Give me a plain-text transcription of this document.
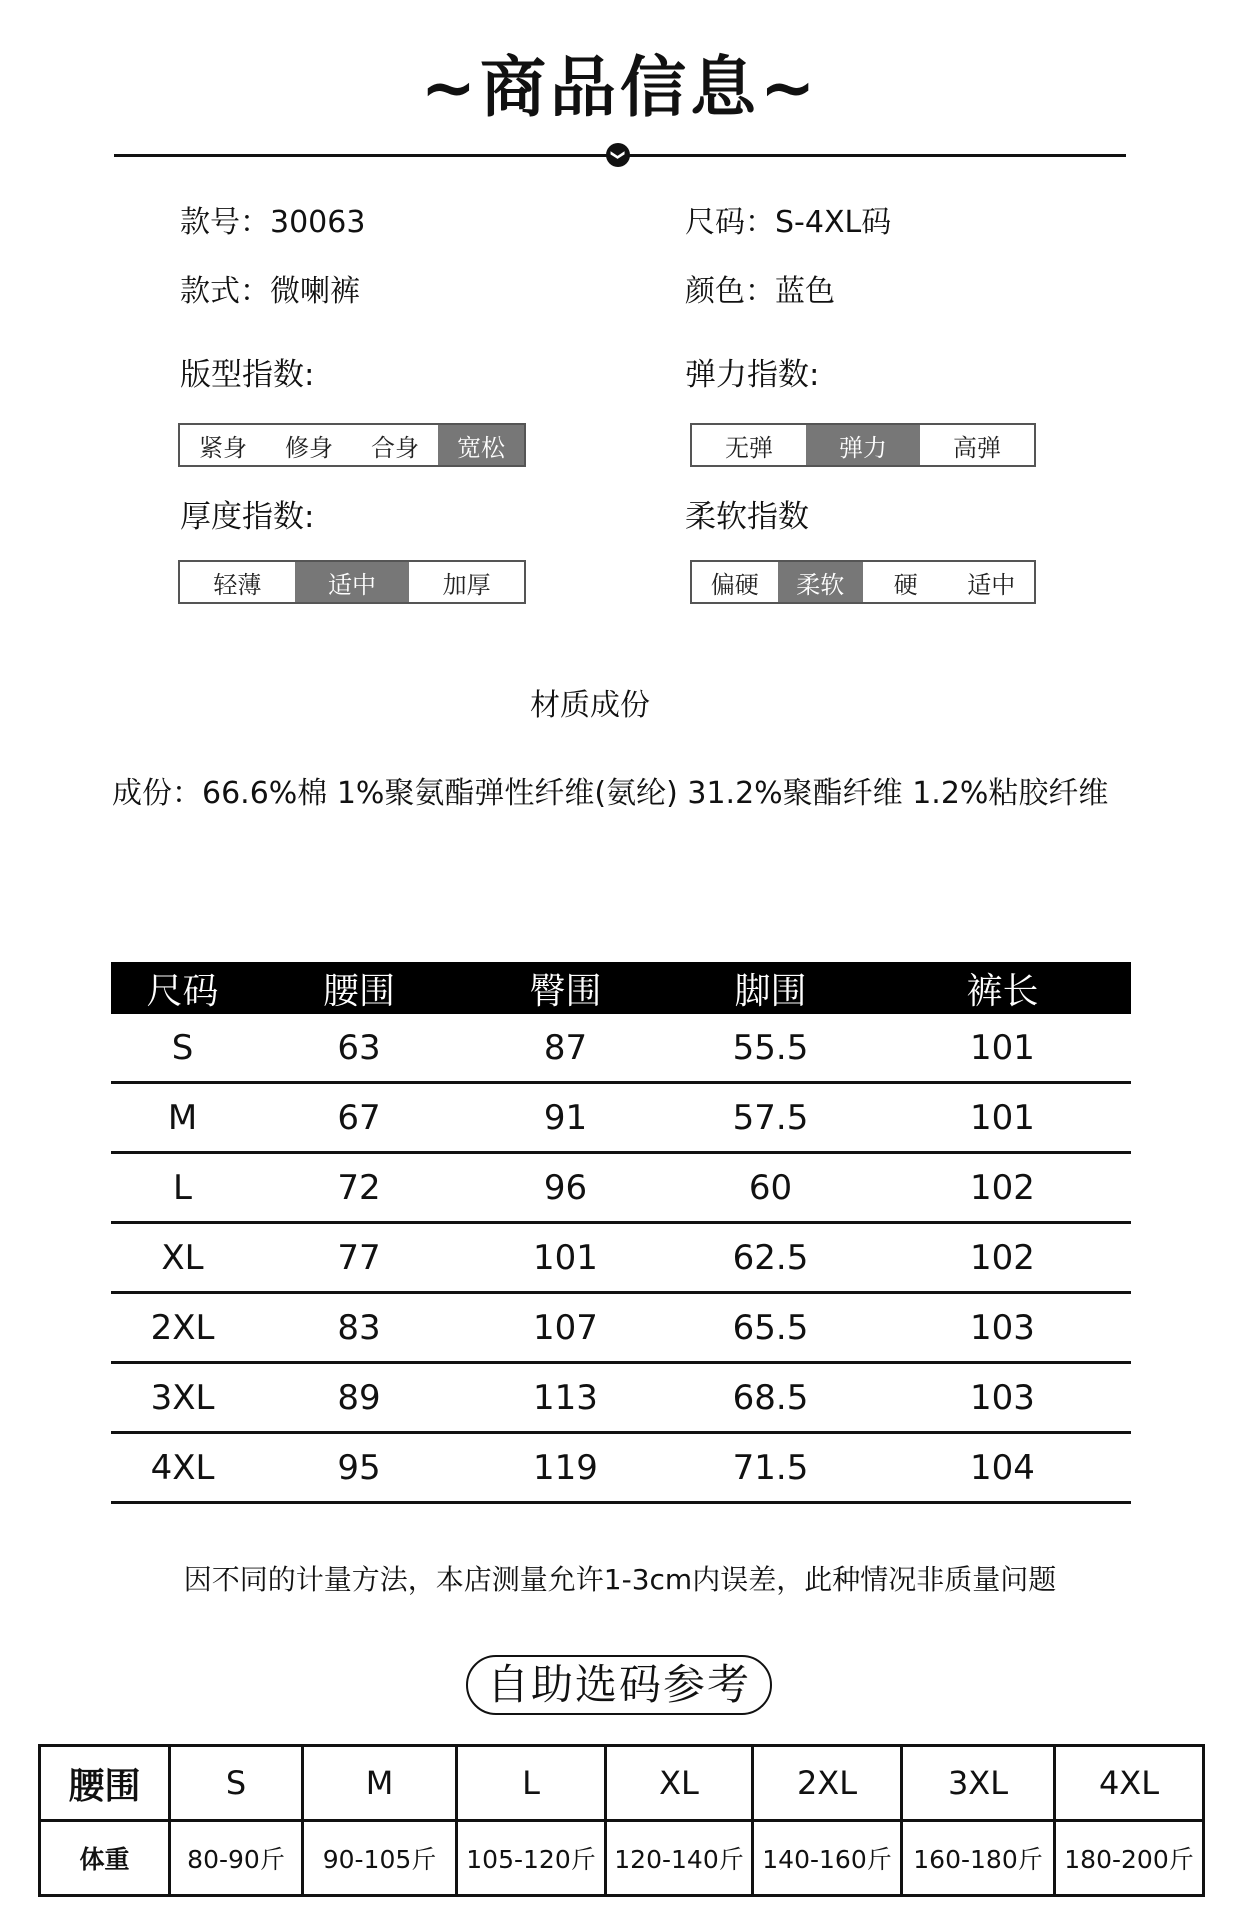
~商品信息~
❯
款号：30063	尺码：S-4XL码
款式：微喇裤	颜色：蓝色
版型指数:
紧身	修身	合身	宽松
弹力指数:
无弹	弹力	高弹
厚度指数:
轻薄	适中	加厚
柔软指数
偏硬	柔软	硬	适中
材质成份
成份：66.6%棉 1%聚氨酯弹性纤维(氨纶) 31.2%聚酯纤维 1.2%粘胶纤维
尺码	腰围	臀围	脚围	裤长
S	63	87	55.5	101
M	67	91	57.5	101
L	72	96	60	102
XL	77	101	62.5	102
2XL	83	107	65.5	103
3XL	89	113	68.5	103
4XL	95	119	71.5	104
因不同的计量方法，本店测量允许1-3cm内误差，此种情况非质量问题
自助选码参考
腰围	S	M	L	XL	2XL	3XL	4XL
体重	80-90斤	90-105斤	105-120斤	120-140斤	140-160斤	160-180斤	180-200斤
